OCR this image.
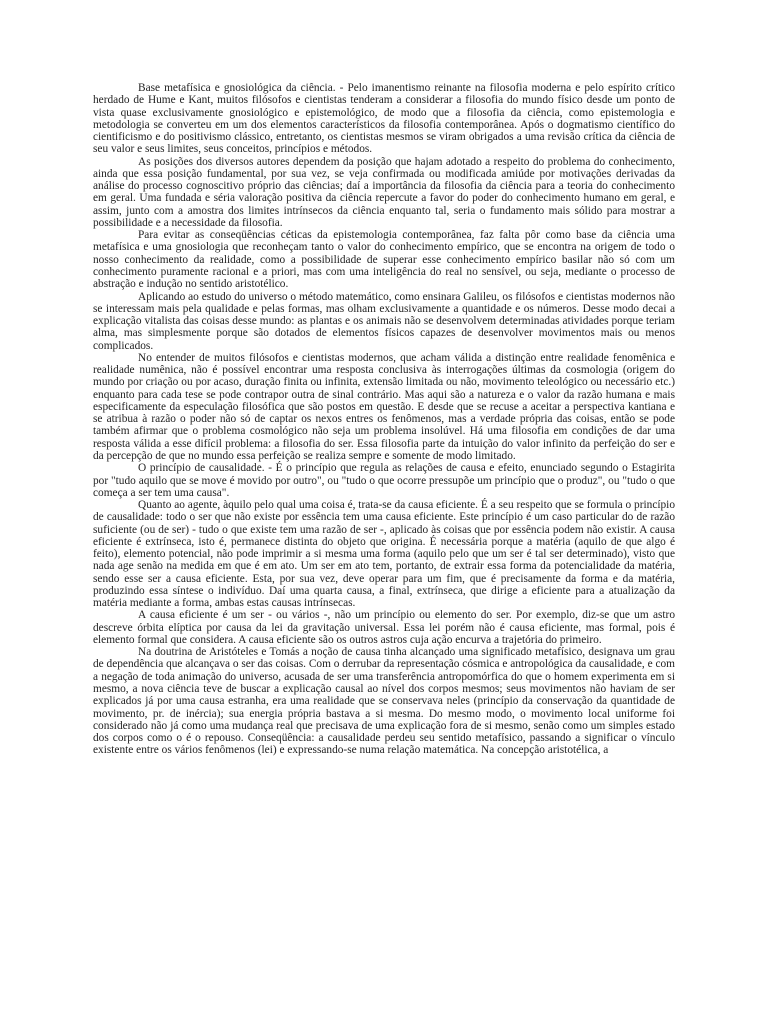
Base metafísica e gnosiológica da ciência. - Pelo imanentismo reinante na filosofia moderna e pelo espírito crítico herdado de Hume e Kant, muitos filósofos e cientistas tenderam a considerar a filosofia do mundo físico desde um ponto de vista quase exclusivamente gnosiológico e epistemológico, de modo que a filosofia da ciência, como epistemologia e metodologia se converteu em um dos elementos característicos da filosofia contemporânea. Após o dogmatismo científico do cientificismo e do positivismo clássico, entretanto, os cientistas mesmos se viram obrigados a uma revisão crítica da ciência de seu valor e seus limites, seus conceitos, princípios e métodos.

As posições dos diversos autores dependem da posição que hajam adotado a respeito do problema do conhecimento, ainda que essa posição fundamental, por sua vez, se veja confirmada ou modificada amiúde por motivações derivadas da análise do processo cognoscitivo próprio das ciências; daí a importância da filosofia da ciência para a teoria do conhecimento em geral. Uma fundada e séria valoração positiva da ciência repercute a favor do poder do conhecimento humano em geral, e assim, junto com a amostra dos limites intrínsecos da ciência enquanto tal, seria o fundamento mais sólido para mostrar a possibilidade e a necessidade da filosofia.

Para evitar as conseqüências céticas da epistemologia contemporânea, faz falta pôr como base da ciência uma metafísica e uma gnosiologia que reconheçam tanto o valor do conhecimento empírico, que se encontra na origem de todo o nosso conhecimento da realidade, como a possibilidade de superar esse conhecimento empírico basilar não só com um conhecimento puramente racional e a priori, mas com uma inteligência do real no sensível, ou seja, mediante o processo de abstração e indução no sentido aristotélico.

Aplicando ao estudo do universo o método matemático, como ensinara Galileu, os filósofos e cientistas modernos não se interessam mais pela qualidade e pelas formas, mas olham exclusivamente a quantidade e os números. Desse modo decai a explicação vitalista das coisas desse mundo: as plantas e os animais não se desenvolvem determinadas atividades porque teriam alma, mas simplesmente porque são dotados de elementos físicos capazes de desenvolver movimentos mais ou menos complicados.

No entender de muitos filósofos e cientistas modernos, que acham válida a distinção entre realidade fenomênica e realidade numênica, não é possível encontrar uma resposta conclusiva às interrogações últimas da cosmologia (origem do mundo por criação ou por acaso, duração finita ou infinita, extensão limitada ou não, movimento teleológico ou necessário etc.) enquanto para cada tese se pode contrapor outra de sinal contrário. Mas aqui são a natureza e o valor da razão humana e mais especificamente da especulação filosófica que são postos em questão. E desde que se recuse a aceitar a perspectiva kantiana e se atribua à razão o poder não só de captar os nexos entres os fenômenos, mas a verdade própria das coisas, então se pode também afirmar que o problema cosmológico não seja um problema insolúvel. Há uma filosofia em condições de dar uma resposta válida a esse difícil problema: a filosofia do ser. Essa filosofia parte da intuição do valor infinito da perfeição do ser e da percepção de que no mundo essa perfeição se realiza sempre e somente de modo limitado.

O princípio de causalidade. - É o princípio que regula as relações de causa e efeito, enunciado segundo o Estagirita por "tudo aquilo que se move é movido por outro", ou "tudo o que ocorre pressupõe um princípio que o produz", ou "tudo o que começa a ser tem uma causa".

Quanto ao agente, àquilo pelo qual uma coisa é, trata-se da causa eficiente. É a seu respeito que se formula o princípio de causalidade: todo o ser que não existe por essência tem uma causa eficiente. Este princípio é um caso particular do de razão suficiente (ou de ser) - tudo o que existe tem uma razão de ser -, aplicado às coisas que por essência podem não existir. A causa eficiente é extrínseca, isto é, permanece distinta do objeto que origina. É necessária porque a matéria (aquilo de que algo é feito), elemento potencial, não pode imprimir a si mesma uma forma (aquilo pelo que um ser é tal ser determinado), visto que nada age senão na medida em que é em ato. Um ser em ato tem, portanto, de extrair essa forma da potencialidade da matéria, sendo esse ser a causa eficiente. Esta, por sua vez, deve operar para um fim, que é precisamente da forma e da matéria, produzindo essa síntese o indivíduo. Daí uma quarta causa, a final, extrínseca, que dirige a eficiente para a atualização da matéria mediante a forma, ambas estas causas intrínsecas.

A causa eficiente é um ser - ou vários -, não um princípio ou elemento do ser. Por exemplo, diz-se que um astro descreve órbita elíptica por causa da lei da gravitação universal. Essa lei porém não é causa eficiente, mas formal, pois é elemento formal que considera. A causa eficiente são os outros astros cuja ação encurva a trajetória do primeiro.

Na doutrina de Aristóteles e Tomás a noção de causa tinha alcançado uma significado metafísico, designava um grau de dependência que alcançava o ser das coisas. Com o derrubar da representação cósmica e antropológica da causalidade, e com a negação de toda animação do universo, acusada de ser uma transferência antropomórfica do que o homem experimenta em si mesmo, a nova ciência teve de buscar a explicação causal ao nível dos corpos mesmos; seus movimentos não haviam de ser explicados já por uma causa estranha, era uma realidade que se conservava neles (princípio da conservação da quantidade de movimento, pr. de inércia); sua energia própria bastava a si mesma. Do mesmo modo, o movimento local uniforme foi considerado não já como uma mudança real que precisava de uma explicação fora de si mesmo, senão como um simples estado dos corpos como o é o repouso. Conseqüência: a causalidade perdeu seu sentido metafísico, passando a significar o vínculo existente entre os vários fenômenos (lei) e expressando-se numa relação matemática. Na concepção aristotélica, a
